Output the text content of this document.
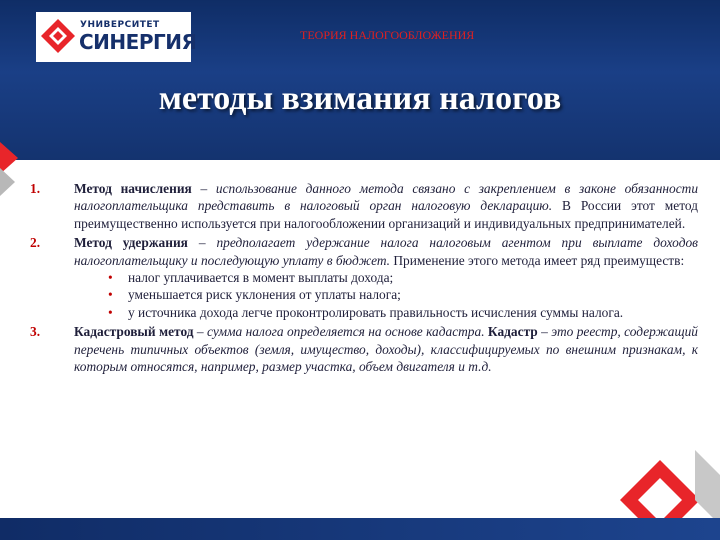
УНИВЕРСИТЕТ
СИНЕРГИЯ	ТЕОРИЯ НАЛОГООБЛОЖЕНИЯ
методы взимания налогов
1.	Метод начисления – использование данного метода связано с закреплением в законе обязанности налогоплательщика представить в налоговый орган налоговую декларацию. В России этот метод преимущественно используется при налогообложении организаций и индивидуальных предпринимателей.
2.	Метод удержания – предполагает удержание налога налоговым агентом при выплате доходов налогоплательщику и последующую уплату в бюджет. Применение этого метода имеет ряд преимуществ:
• налог уплачивается в момент выплаты дохода;
• уменьшается риск уклонения от уплаты налога;
• у источника дохода легче проконтролировать правильность исчисления суммы налога.
3.	Кадастровый метод – сумма налога определяется на основе кадастра. Кадастр – это реестр, содержащий перечень типичных объектов (земля, имущество, доходы), классифицируемых по внешним признакам, к которым относятся, например, размер участка, объем двигателя и т.д.
